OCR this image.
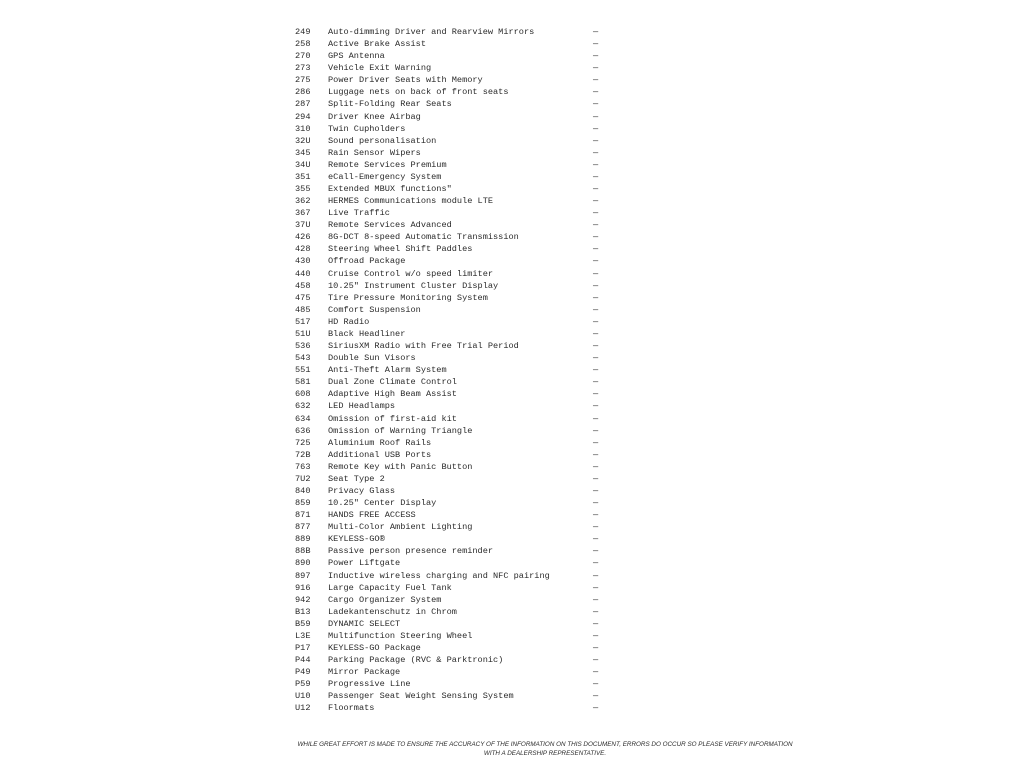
249 Auto-dimming Driver and Rearview Mirrors	—
258 Active Brake Assist	—
270 GPS Antenna	—
273 Vehicle Exit Warning	—
275 Power Driver Seats with Memory	—
286 Luggage nets on back of front seats	—
287 Split-Folding Rear Seats	—
294 Driver Knee Airbag	—
310 Twin Cupholders	—
32U Sound personalisation	—
345 Rain Sensor Wipers	—
34U Remote Services Premium	—
351 eCall-Emergency System	—
355 Extended MBUX functions"	—
362 HERMES Communications module LTE	—
367 Live Traffic	—
37U Remote Services Advanced	—
426 8G-DCT 8-speed Automatic Transmission	—
428 Steering Wheel Shift Paddles	—
430 Offroad Package	—
440 Cruise Control w/o speed limiter	—
458 10.25" Instrument Cluster Display	—
475 Tire Pressure Monitoring System	—
485 Comfort Suspension	—
517 HD Radio	—
51U Black Headliner	—
536 SiriusXM Radio with Free Trial Period	—
543 Double Sun Visors	—
551 Anti-Theft Alarm System	—
581 Dual Zone Climate Control	—
608 Adaptive High Beam Assist	—
632 LED Headlamps	—
634 Omission of first-aid kit	—
636 Omission of Warning Triangle	—
725 Aluminium Roof Rails	—
72B Additional USB Ports	—
763 Remote Key with Panic Button	—
7U2 Seat Type 2	—
840 Privacy Glass	—
859 10.25" Center Display	—
871 HANDS FREE ACCESS	—
877 Multi-Color Ambient Lighting	—
889 KEYLESS-GO®	—
88B Passive person presence reminder	—
890 Power Liftgate	—
897 Inductive wireless charging and NFC pairing	—
916 Large Capacity Fuel Tank	—
942 Cargo Organizer System	—
B13 Ladekantenschutz in Chrom	—
B59 DYNAMIC SELECT	—
L3E Multifunction Steering Wheel	—
P17 KEYLESS-GO Package	—
P44 Parking Package (RVC & Parktronic)	—
P49 Mirror Package	—
P59 Progressive Line	—
U10 Passenger Seat Weight Sensing System	—
U12 Floormats	—

WHILE GREAT EFFORT IS MADE TO ENSURE THE ACCURACY OF THE INFORMATION ON THIS DOCUMENT, ERRORS DO OCCUR SO PLEASE VERIFY INFORMATION WITH A DEALERSHIP REPRESENTATIVE.
